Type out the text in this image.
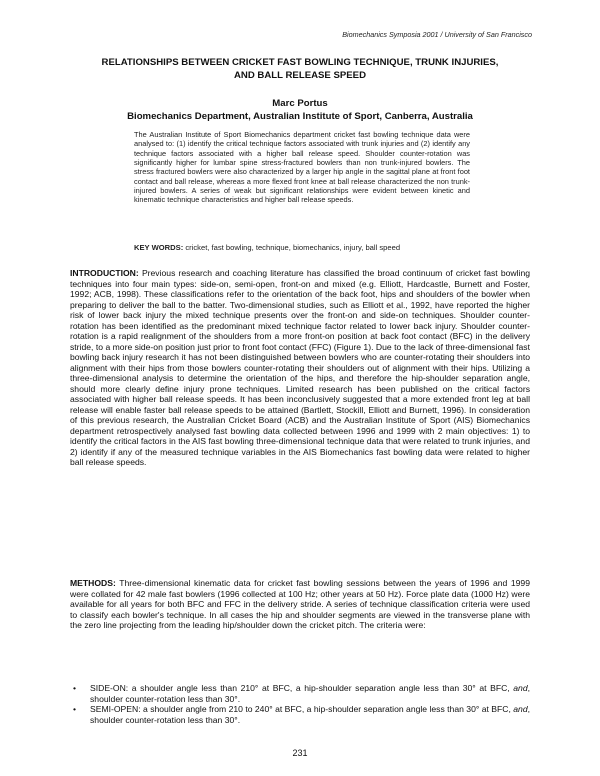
Biomechanics Symposia 2001 / University of San Francisco
RELATIONSHIPS BETWEEN CRICKET FAST BOWLING TECHNIQUE, TRUNK INJURIES,
AND BALL RELEASE SPEED
Marc Portus
Biomechanics Department, Australian Institute of Sport, Canberra, Australia

The Australian Institute of Sport Biomechanics department cricket fast bowling technique data were analysed to: (1) identify the critical technique factors associated with trunk injuries and (2) identify any technique factors associated with a higher ball release speed. Shoulder counter-rotation was significantly higher for lumbar spine stress-fractured bowlers than non trunk-injured bowlers. The stress fractured bowlers were also characterized by a larger hip angle in the sagittal plane at front foot contact and ball release, whereas a more flexed front knee at ball release characterized the non trunk-injured bowlers. A series of weak but significant relationships were evident between kinetic and kinematic technique characteristics and higher ball release speeds.

KEY WORDS: cricket, fast bowling, technique, biomechanics, injury, ball speed

INTRODUCTION: Previous research and coaching literature has classified the broad continuum of cricket fast bowling techniques into four main types: side-on, semi-open, front-on and mixed (e.g. Elliott, Hardcastle, Burnett and Foster, 1992; ACB, 1998). These classifications refer to the orientation of the back foot, hips and shoulders of the bowler when preparing to deliver the ball to the batter. Two-dimensional studies, such as Elliott et al., 1992, have reported the higher risk of lower back injury the mixed technique presents over the front-on and side-on techniques. Shoulder counter-rotation has been identified as the predominant mixed technique factor related to lower back injury. Shoulder counter-rotation is a rapid realignment of the shoulders from a more front-on position at back foot contact (BFC) in the delivery stride, to a more side-on position just prior to front foot contact (FFC) (Figure 1). Due to the lack of three-dimensional fast bowling back injury research it has not been distinguished between bowlers who are counter-rotating their shoulders into alignment with their hips from those bowlers counter-rotating their shoulders out of alignment with their hips. Utilizing a three-dimensional analysis to determine the orientation of the hips, and therefore the hip-shoulder separation angle, should more clearly define injury prone techniques. Limited research has been published on the critical factors associated with higher ball release speeds. It has been inconclusively suggested that a more extended front leg at ball release will enable faster ball release speeds to be attained (Bartlett, Stockill, Elliott and Burnett, 1996). In consideration of this previous research, the Australian Cricket Board (ACB) and the Australian Institute of Sport (AIS) Biomechanics department retrospectively analysed fast bowling data collected between 1996 and 1999 with 2 main objectives: 1) to identify the critical factors in the AIS fast bowling three-dimensional technique data that were related to trunk injuries, and 2) identify if any of the measured technique variables in the AIS Biomechanics fast bowling data were related to higher ball release speeds.

METHODS: Three-dimensional kinematic data for cricket fast bowling sessions between the years of 1996 and 1999 were collated for 42 male fast bowlers (1996 collected at 100 Hz; other years at 50 Hz). Force plate data (1000 Hz) were available for all years for both BFC and FFC in the delivery stride. A series of technique classification criteria were used to classify each bowler's technique. In all cases the hip and shoulder segments are viewed in the transverse plane with the zero line projecting from the leading hip/shoulder down the cricket pitch. The criteria were:

• SIDE-ON: a shoulder angle less than 210° at BFC, a hip-shoulder separation angle less than 30° at BFC, and, shoulder counter-rotation less than 30°.
• SEMI-OPEN: a shoulder angle from 210 to 240° at BFC, a hip-shoulder separation angle less than 30° at BFC, and, shoulder counter-rotation less than 30°.
231
